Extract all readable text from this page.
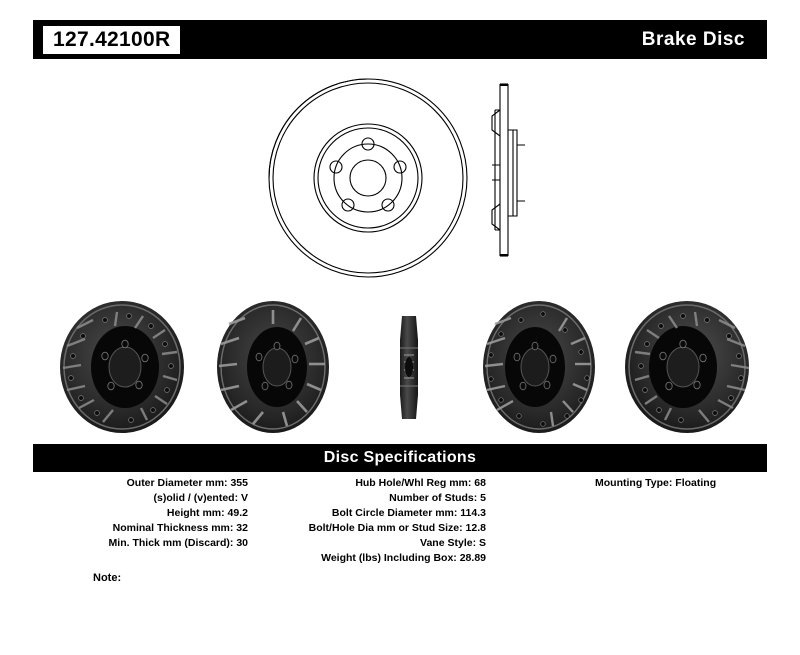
127.42100R	Brake Disc
Disc Specifications
Outer Diameter mm: 355
(s)olid / (v)ented: V
Height mm: 49.2
Nominal Thickness mm: 32
Min. Thick mm (Discard): 30
Hub Hole/Whl Reg mm: 68
Number of Studs: 5
Bolt Circle Diameter mm: 114.3
Bolt/Hole Dia mm or Stud Size: 12.8
Vane Style: S
Weight (lbs) Including Box: 28.89
Mounting Type: Floating
Note:
